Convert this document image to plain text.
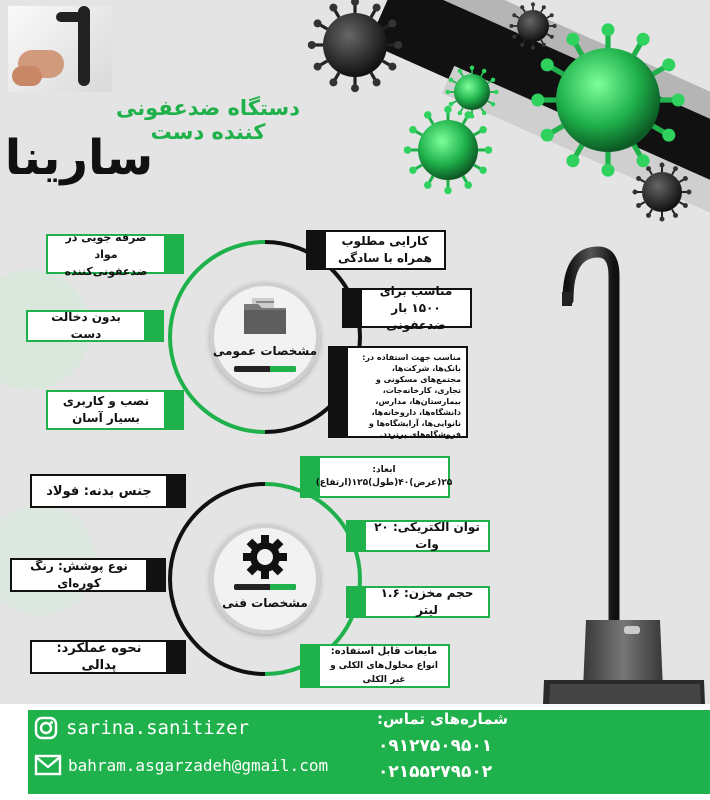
دستگاه ضدعفونی کننده دست
سارینا
مشخصات عمومی
صرفه جویی در مواد ضدعفونی‌کننده
بدون دخالت دست
نصب و کاربری بسیار آسان
کارایی مطلوب همراه با سادگی
مناسب برای ۱۵۰۰ بار ضدعفونی
مناسب جهت استفاده در: بانک‌ها، شرکت‌ها، مجتمع‌های مسکونی و تجاری، کارخانه‌جات، بیمارستان‌ها، مدارس، دانشگاه‌ها، داروخانه‌ها، نانوایی‌ها، آرایشگاه‌ها و فروشگاه‌های پرتردد.
مشخصات فنی
جنس بدنه: فولاد
نوع پوشش: رنگ کوره‌ای
نحوه عملکرد: پدالی
ابعاد:
۲۵(عرض)۴۰(طول)۱۲۵(ارتفاع)
توان الکتریکی: ۲۰ وات
حجم مخزن: ۱.۶ لیتر
مایعات قابل استفاده:
انواع محلول‌های الکلی و غیر الکلی
sarina.sanitizer
bahram.asgarzadeh@gmail.com
شماره‌های تماس:
۰۹۱۲۷۵۰۹۵۰۱
۰۲۱۵۵۲۷۹۵۰۲
